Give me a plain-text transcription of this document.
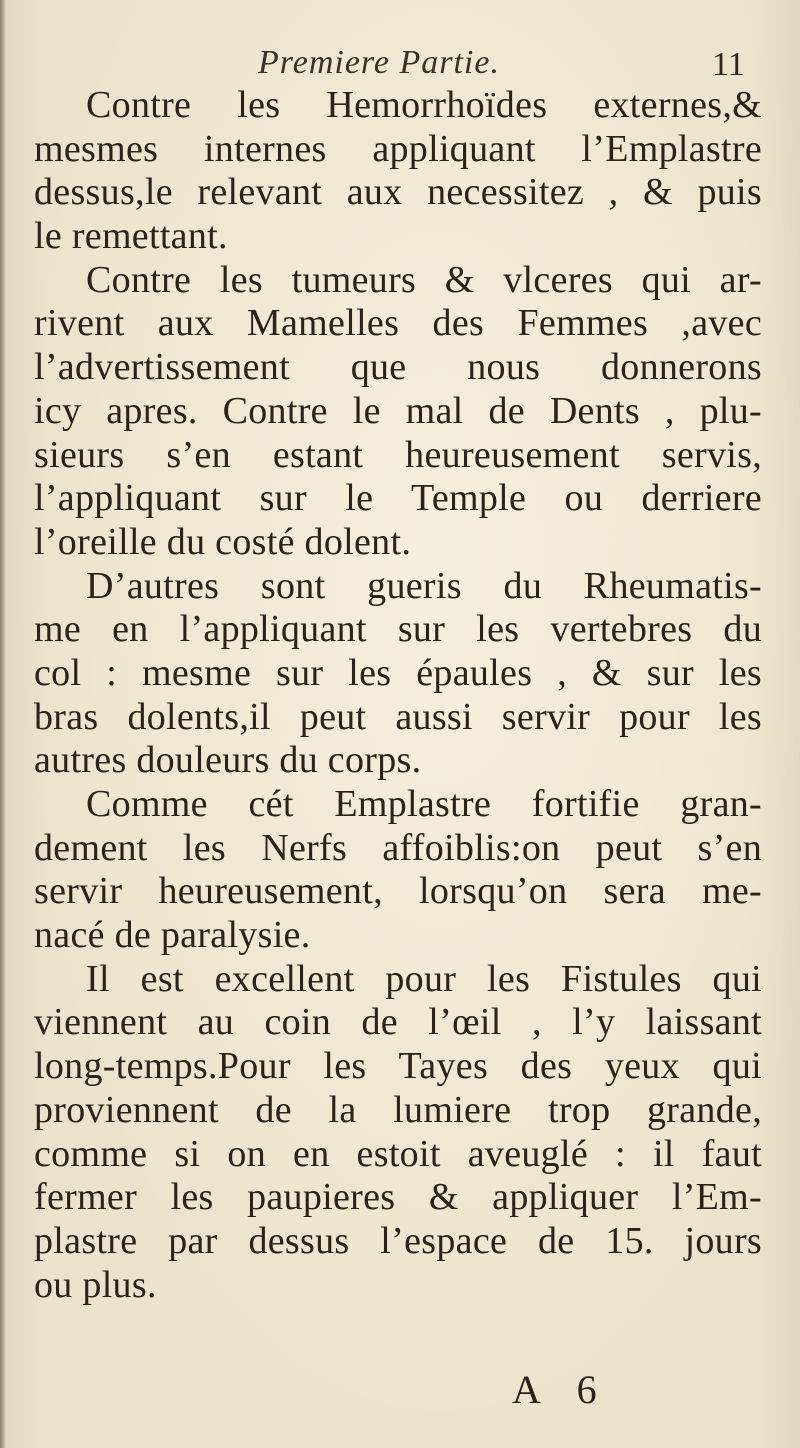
Premiere Partie.	11
Contre les Hemorrhoïdes externes,&
mesmes internes appliquant l’Emplastre
dessus,le relevant aux necessitez , & puis
le remettant.
Contre les tumeurs & vlceres qui ar-
rivent aux Mamelles des Femmes ,avec
l’advertissement que nous donnerons
icy apres. Contre le mal de Dents , plu-
sieurs s’en estant heureusement servis,
l’appliquant sur le Temple ou derriere
l’oreille du costé dolent.
D’autres sont gueris du Rheumatis-
me en l’appliquant sur les vertebres du
col : mesme sur les épaules , & sur les
bras dolents,il peut aussi servir pour les
autres douleurs du corps.
Comme cét Emplastre fortifie gran-
dement les Nerfs affoiblis:on peut s’en
servir heureusement, lorsqu’on sera me-
nacé de paralysie.
Il est excellent pour les Fistules qui
viennent au coin de l’œil , l’y laissant
long-temps.Pour les Tayes des yeux qui
proviennent de la lumiere trop grande,
comme si on en estoit aveuglé : il faut
fermer les paupieres & appliquer l’Em-
plastre par dessus l’espace de 15. jours
ou plus.
A 6
